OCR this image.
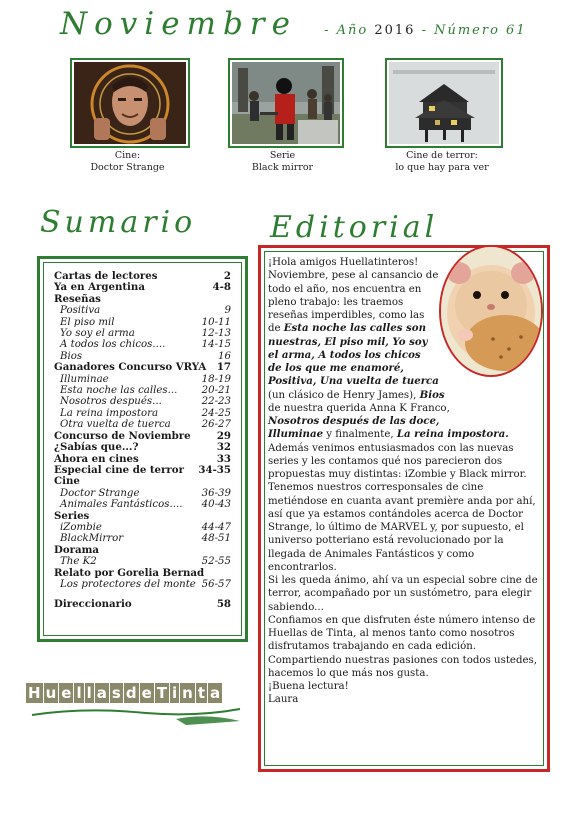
Noviembre - Año 2016 - Número 61
Cine:
Doctor Strange
Serie
Black mirror
Cine de terror:
lo que hay para ver
Sumario Editorial
Cartas de lectores	2
Ya en Argentina	4-8
Reseñas
Positiva	9
El piso mil	10-11
Yo soy el arma	12-13
A todos los chicos....	14-15
Bios	16
Ganadores Concurso VRYA 17
Illuminae	18-19
Esta noche las calles... 20-21
Nosotros después...	22-23
La reina impostora	24-25
Otra vuelta de tuerca	26-27
Concurso de Noviembre	29
¿Sabías que...?	32
Ahora en cines	33
Especial cine de terror 34-35
Cine
Doctor Strange	36-39
Animales Fantásticos.... 40-43
Series
iZombie	44-47
BlackMirror	48-51
Dorama
The K2	52-55
Relato por Gorelia Bernad
Los protectores del monte 56-57
Direccionario	58

¡Hola amigos Huellatinteros! Noviembre, pese al cansancio de todo el año, nos encuentra en pleno trabajo: les traemos reseñas imperdibles, como las de Esta noche las calles son nuestras, El piso mil, Yo soy el arma, A todos los chicos de los que me enamoré, Positiva, Una vuelta de tuerca (un clásico de Henry James), Bios de nuestra querida Anna K Franco, Nosotros después de las doce, Illuminae y finalmente, La reina impostora.

Además venimos entusiasmados con las nuevas series y les contamos qué nos parecieron dos propuestas muy distintas: iZombie y Black mirror.

Tenemos nuestros corresponsales de cine metiéndose en cuanta avant première anda por ahí, así que ya estamos contándoles acerca de Doctor Strange, lo último de MARVEL y, por supuesto, el universo potteriano está revolucionado por la llegada de Animales Fantásticos y como encontrarlos.

Si les queda ánimo, ahí va un especial sobre cine de terror, acompañado por un sustómetro, para elegir sabiendo...

Confiamos en que disfruten éste número intenso de Huellas de Tinta, al menos tanto como nosotros disfrutamos trabajando en cada edición.

Compartiendo nuestras pasiones con todos ustedes, hacemos lo que más nos gusta.

¡Buena lectura!

Laura

H u e l l a s d e T i n t a
